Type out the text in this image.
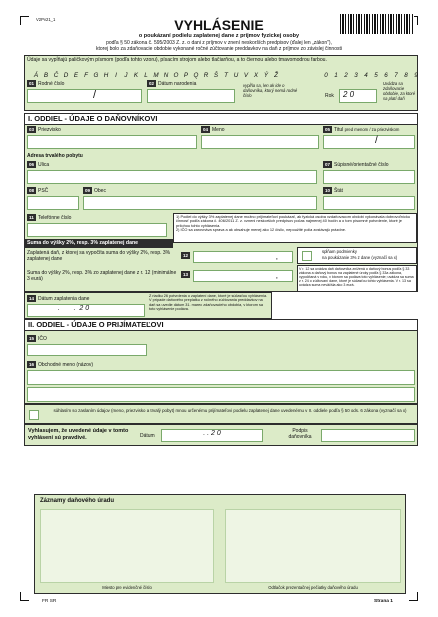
V2Pv21_1	VYHLÁSENIE
o poukázaní podielu zaplatenej dane z príjmov fyzickej osoby
podľa § 50 zákona č. 595/2003 Z. z. o dani z príjmov v znení neskorších predpisov (ďalej len „zákon"),
ktorej bolo za zdaňovacie obdobie vykonané ročné zúčtovanie preddavkov na daň z príjmov zo závislej činnosti
Údaje sa vypĺňajú paličkovým písmom (podľa tohto vzoru), písacím strojom alebo tlačiarňou, a to čiernou alebo tmavomodrou farbou.
Á B Č D E F G H I J K L M N O P Q R Š T U V X Ý Ž	0 1 2 3 4 5 6 7 8 9
01 Rodné číslo
/
02 Dátum narodenia	vypĺňa sa, len ak ide o daňovníka, ktorý nemá rodné číslo	Rok	2 0
Uvádza sa zdaňovacie obdobie, za ktoré sa platí daň
I. ODDIEL - ÚDAJE O DAŇOVNÍKOVI
03 Priezvisko	04 Meno	05 Titul pred menom / za priezviskom
/
Adresa trvalého pobytu
06 Ulica	07 Súpisné/orientačné číslo
08 PSČ	09 Obec	10 Štát
11 Telefónne číslo	1) Podiel do výšky 3% zaplatenej dane možno prijímateľovi poukázať, ak fyzická osoba vzdaňovacom období vykonávala dobrovoľnícku činnosť podľa zákona č. 406/2011 Z. z. vzneni neskorších predpisov počas najmenej 40 hodín a o tom písomné potvrdenie, ktoré je prílohou tohto vyhlásenia.
2) IČO sa zarovnáva sprava a ak obsahuje menej ako 12 číslic, nepoužité polia zostávajú prázdne.
Suma do výšky 2%, resp. 3% zaplatenej dane
Zaplatená daň, z ktorej sa vypočíta suma do výšky 2%, resp. 3% zaplatenej dane
12	,
spĺňam podmienky
na poukázanie 3% z dane (vyznačí sa x)
Suma do výšky 2%, resp. 3% zo zaplatenej dane z r. 12 (minimálne 3 eurá)
13	,
V r. 12 sa uvádza daň daňovníka znížená o daňový bonus podľa § 33 zákona a daňový bonus na zaplatené úroky podľa § 33a zákona, vypočítaná v roku, v ktorom sa podáva toto vyhlásenie; uvádza sa suma z r. 24 o zúčtovaní dane, ktoré je súčasťou tohto vyhlásenia. V r. 13 sa uvádza suma neväčšia ako 3 eurá.
14 Dátum zaplatenia dane
. . 2 0
Z riadku 26 potvrdenia o zaplatení dane, ktoré je súčasťou vyhlásenia. V prípade daňového preplatku z ročného zúčtovania preddavkov na daň sa uvedie dátum 31. marec zdaňovacieho obdobia, v ktorom sa toto vyhlásenie podáva.
II. ODDIEL - ÚDAJE O PRIJÍMATEĽOVI
15 IČO
16 Obchodné meno (názov)
súhlasím so zaslaním údajov (meno, priezvisko a trvalý pobyt) mnou určenému prijímateľovi podielu zaplatenej dane uvedenému v II. oddiele podľa § 50 ods. 6 zákona (vyznačí sa x)
Vyhlasujem, že uvedené údaje v tomto vyhlásení sú pravdivé.	Dátum	. . 2 0	Podpis daňovníka
Záznamy daňového úradu
Miesto pre evidenčné číslo	Odtlačok prezentačnej pečiatky daňového úradu
FR SR	Strana 1
